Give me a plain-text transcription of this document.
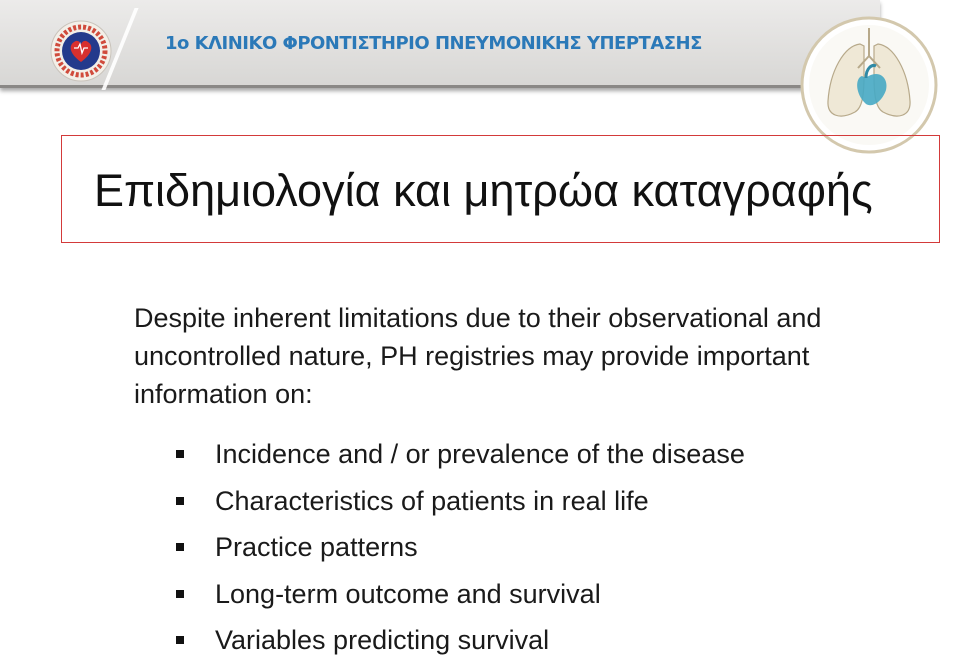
1ο ΚΛΙΝΙΚΟ ΦΡΟΝΤΙΣΤΗΡΙΟ ΠΝΕΥΜΟΝΙΚΗΣ ΥΠΕΡΤΑΣΗΣ
Επιδημιολογία και μητρώα καταγραφής
Despite inherent limitations due to their observational and uncontrolled nature, PH registries may provide important information on:
Incidence and / or prevalence of the disease
Characteristics of patients in real life
Practice patterns
Long-term outcome and survival
Variables predicting survival
